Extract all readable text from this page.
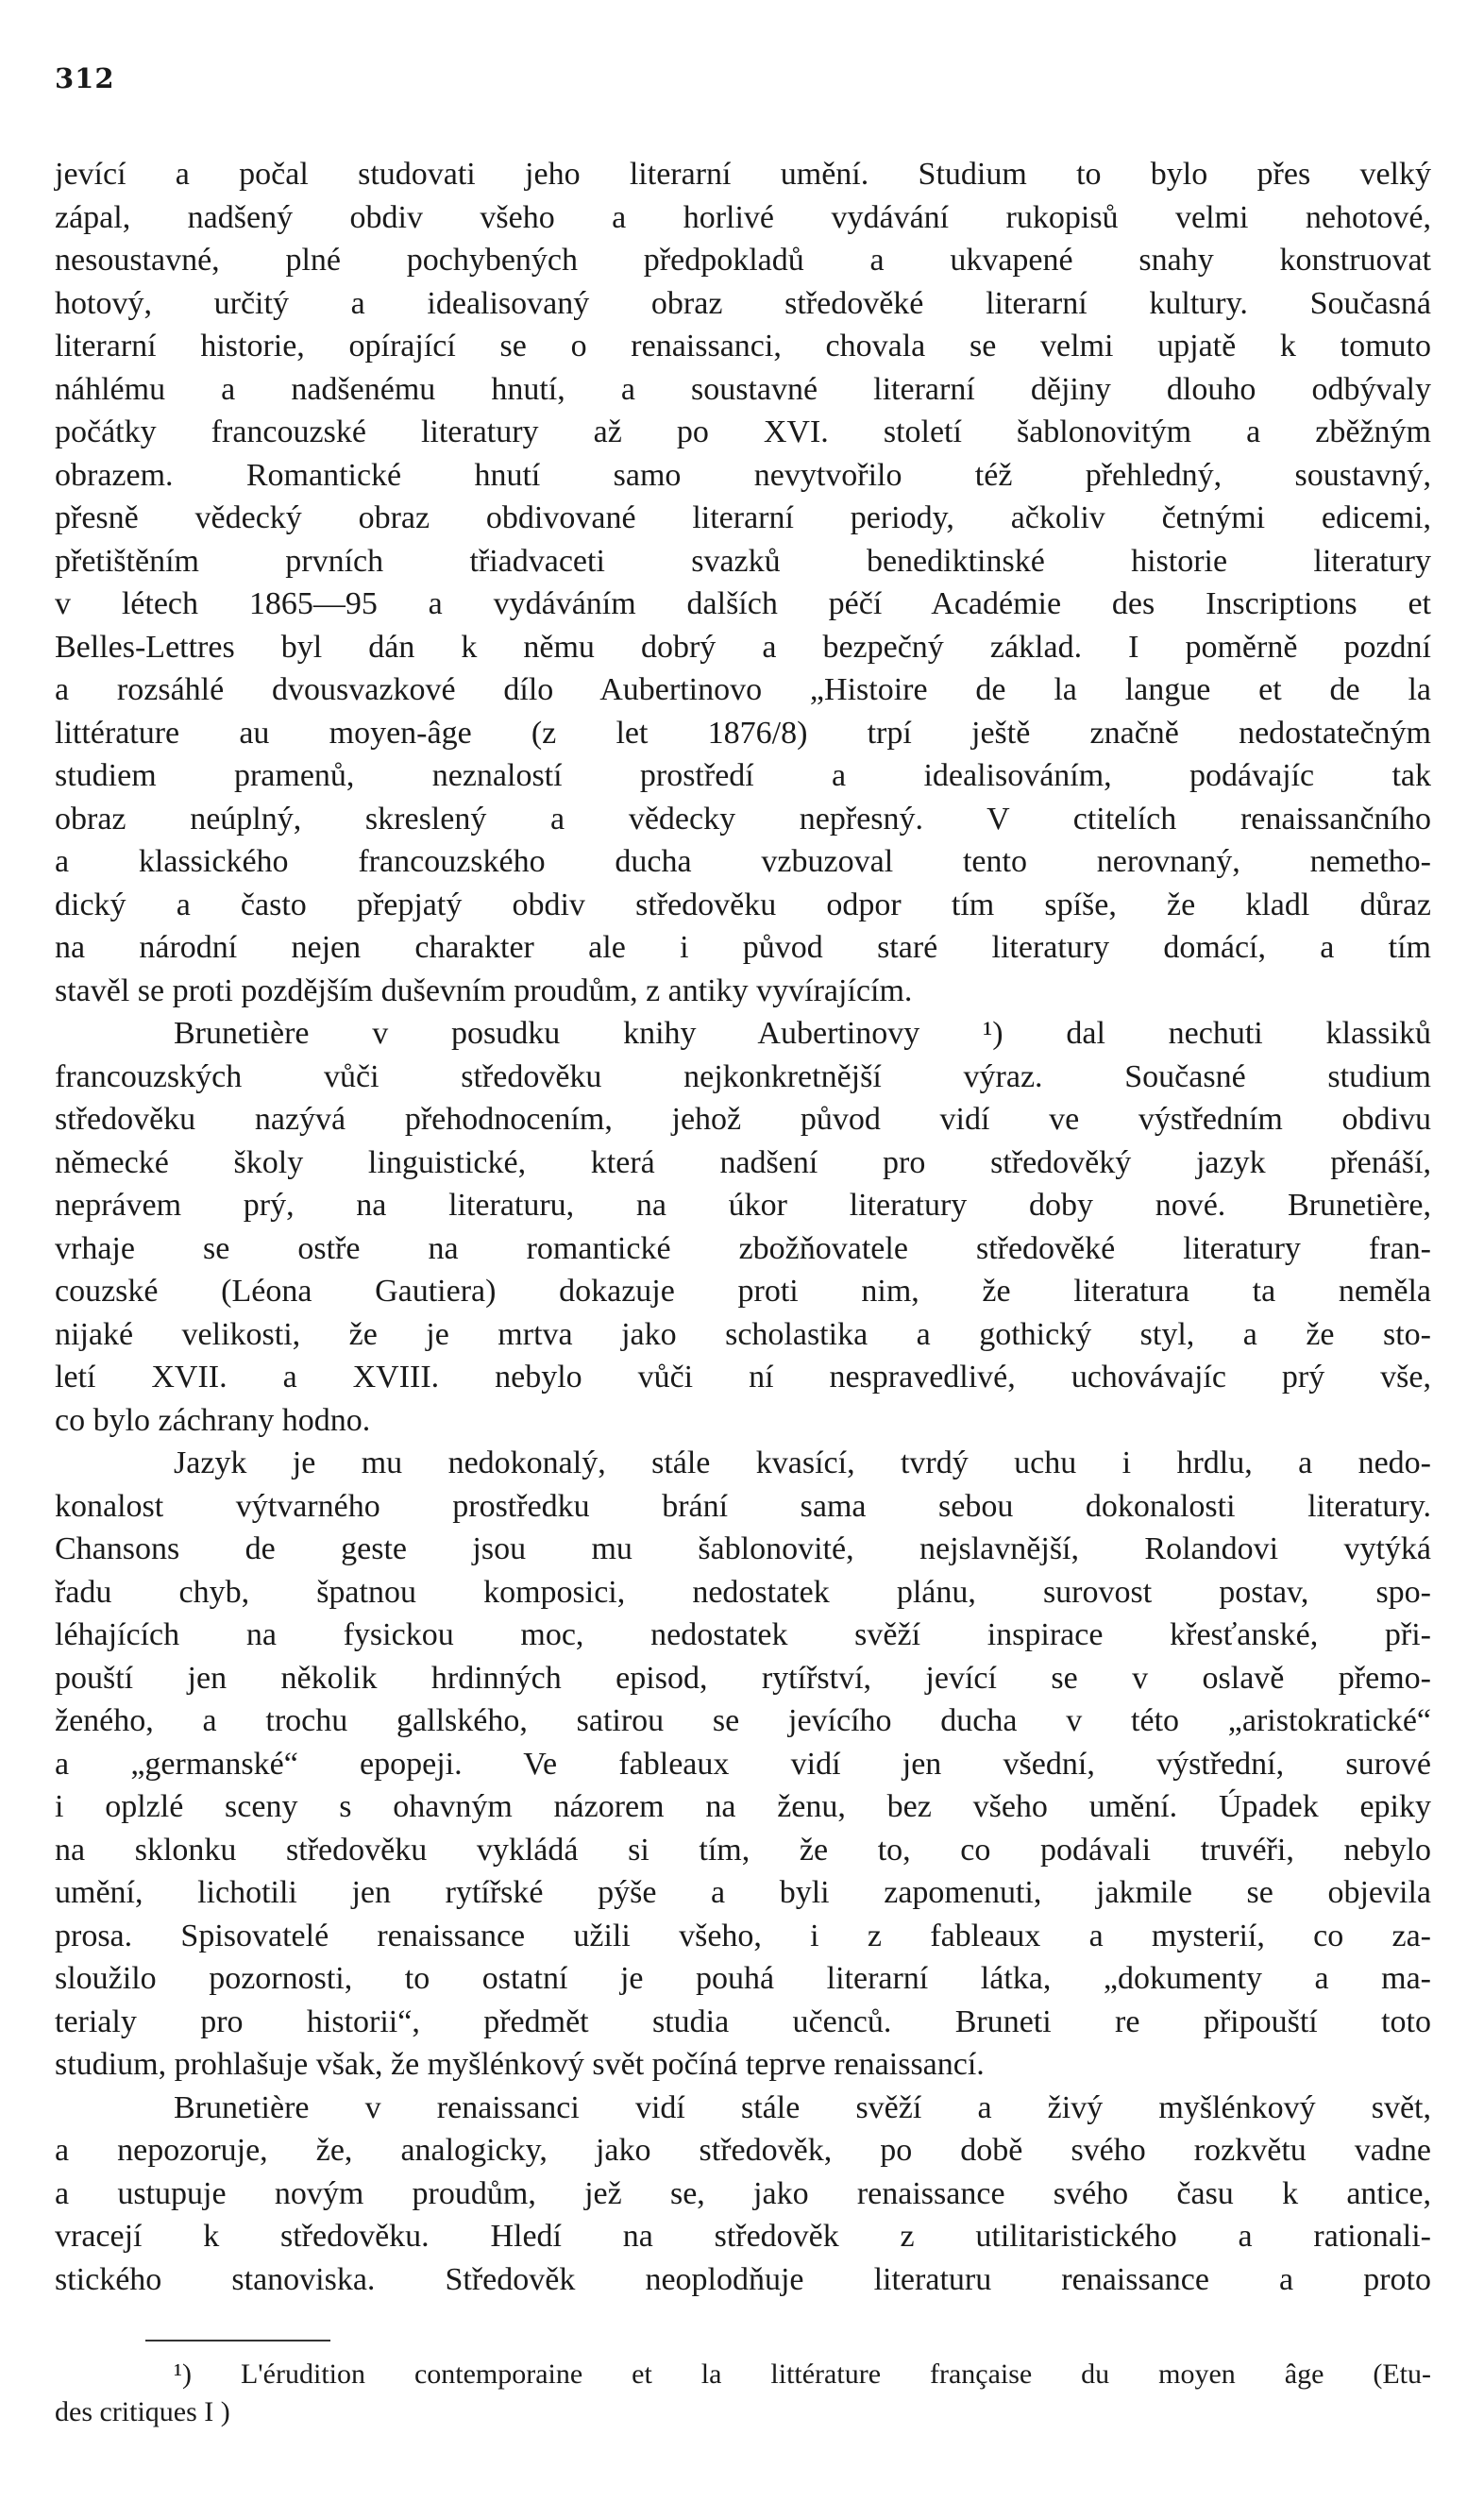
312
jevící a počal studovati jeho literarní umění. Studium to bylo přes velký
zápal, nadšený obdiv všeho a horlivé vydávání rukopisů velmi nehotové,
nesoustavné, plné pochybených předpokladů a ukvapené snahy konstruovat
hotový, určitý a idealisovaný obraz středověké literarní kultury. Současná
literarní historie, opírající se o renaissanci, chovala se velmi upjatě k tomuto
náhlému a nadšenému hnutí, a soustavné literarní dějiny dlouho odbývaly
počátky francouzské literatury až po XVI. století šablonovitým a zběžným
obrazem. Romantické hnutí samo nevytvořilo též přehledný, soustavný,
přesně vědecký obraz obdivované literarní periody, ačkoliv četnými edicemi,
přetištěním prvních třiadvaceti svazků benediktinské historie literatury
v létech 1865—95 a vydáváním dalších péčí Académie des Inscriptions et
Belles-Lettres byl dán k němu dobrý a bezpečný základ. I poměrně pozdní
a rozsáhlé dvousvazkové dílo Aubertinovo „Histoire de la langue et de la
littérature au moyen-âge (z let 1876/8) trpí ještě značně nedostatečným
studiem pramenů, neznalostí prostředí a idealisováním, podávajíc tak
obraz neúplný, skreslený a vědecky nepřesný. V ctitelích renaissančního
a klassického francouzského ducha vzbuzoval tento nerovnaný, nemetho-
dický a často přepjatý obdiv středověku odpor tím spíše, že kladl důraz
na národní nejen charakter ale i původ staré literatury domácí, a tím
stavěl se proti pozdějším duševním proudům, z antiky vyvírajícím.
Brunetière v posudku knihy Aubertinovy ¹) dal nechuti klassiků
francouzských vůči středověku nejkonkretnější výraz. Současné studium
středověku nazývá přehodnocením, jehož původ vidí ve výstředním obdivu
německé školy linguistické, která nadšení pro středověký jazyk přenáší,
neprávem prý, na literaturu, na úkor literatury doby nové. Brunetière,
vrhaje se ostře na romantické zbožňovatele středověké literatury fran-
couzské (Léona Gautiera) dokazuje proti nim, že literatura ta neměla
nijaké velikosti, že je mrtva jako scholastika a gothický styl, a že sto-
letí XVII. a XVIII. nebylo vůči ní nespravedlivé, uchovávajíc prý vše,
co bylo záchrany hodno.
Jazyk je mu nedokonalý, stále kvasící, tvrdý uchu i hrdlu, a nedo-
konalost výtvarného prostředku brání sama sebou dokonalosti literatury.
Chansons de geste jsou mu šablonovité, nejslavnější, Rolandovi vytýká
řadu chyb, špatnou komposici, nedostatek plánu, surovost postav, spo-
léhajících na fysickou moc, nedostatek svěží inspirace křesťanské, při-
pouští jen několik hrdinných episod, rytířství, jevící se v oslavě přemo-
ženého, a trochu gallského, satirou se jevícího ducha v této „aristokratické“
a „germanské“ epopeji. Ve fableaux vidí jen všední, výstřední, surové
i oplzlé sceny s ohavným názorem na ženu, bez všeho umění. Úpadek epiky
na sklonku středověku vykládá si tím, že to, co podávali truvéři, nebylo
umění, lichotili jen rytířské pýše a byli zapomenuti, jakmile se objevila
prosa. Spisovatelé renaissance užili všeho, i z fableaux a mysterií, co za-
sloužilo pozornosti, to ostatní je pouhá literarní látka, „dokumenty a ma-
terialy pro historii“, předmět studia učenců. Bruneti re připouští toto
studium, prohlašuje však, že myšlénkový svět počíná teprve renaissancí.
Brunetière v renaissanci vidí stále svěží a živý myšlénkový svět,
a nepozoruje, že, analogicky, jako středověk, po době svého rozkvětu vadne
a ustupuje novým proudům, jež se, jako renaissance svého času k antice,
vracejí k středověku. Hledí na středověk z utilitaristického a rationali-
stického stanoviska. Středověk neoplodňuje literaturu renaissance a proto
¹) L'érudition contemporaine et la littérature française du moyen âge (Etu-
des critiques I )
